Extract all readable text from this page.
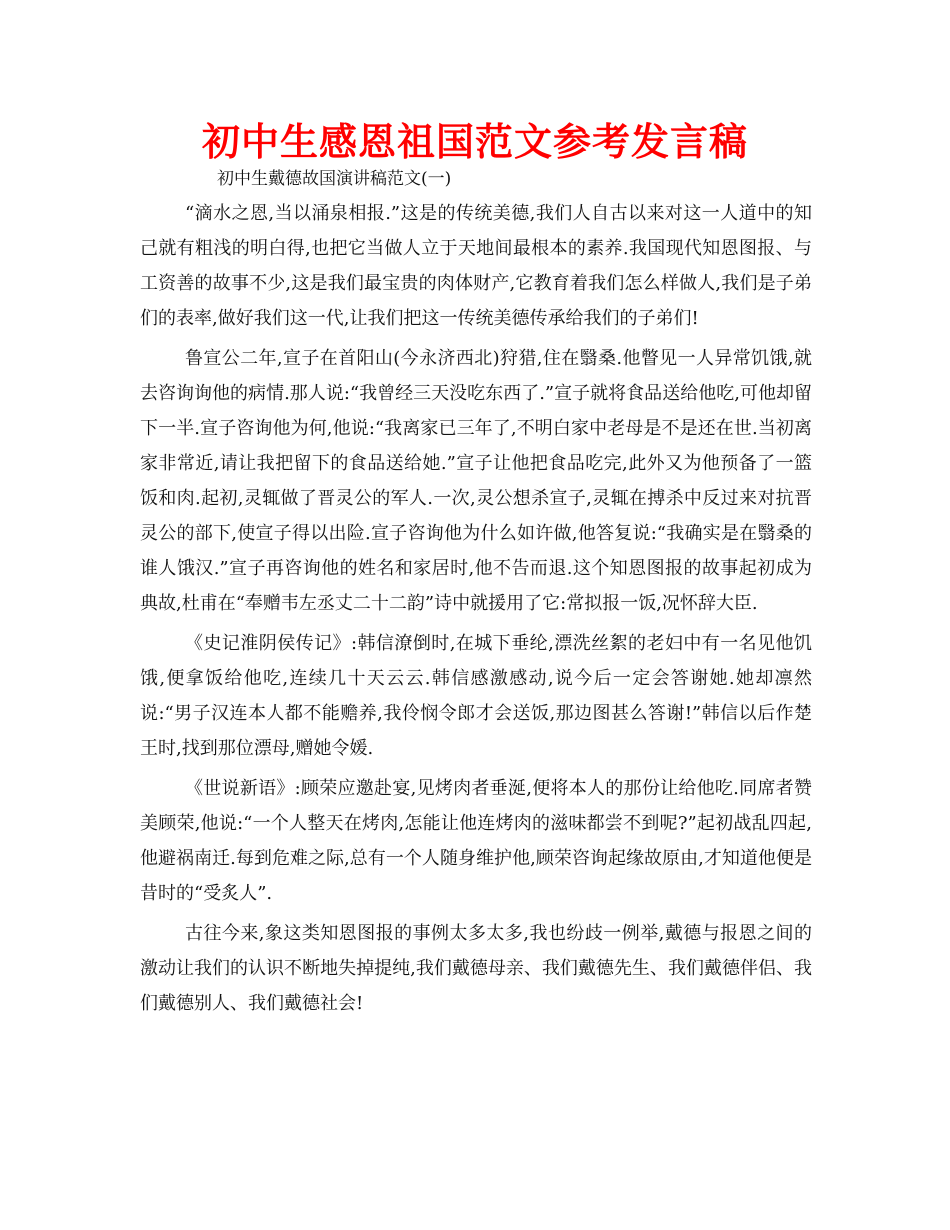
初中生感恩祖国范文参考发言稿
初中生戴德故国演讲稿范文(一)

“滴水之恩,当以涌泉相报.”这是的传统美德,我们人自古以来对这一人道中的知己就有粗浅的明白得,也把它当做人立于天地间最根本的素养.我国现代知恩图报、与工资善的故事不少,这是我们最宝贵的肉体财产,它教育着我们怎么样做人,我们是子弟们的表率,做好我们这一代,让我们把这一传统美德传承给我们的子弟们!

鲁宣公二年,宣子在首阳山(今永济西北)狩猎,住在翳桑.他瞥见一人异常饥饿,就去咨询询他的病情.那人说:“我曾经三天没吃东西了.”宣子就将食品送给他吃,可他却留下一半.宣子咨询他为何,他说:“我离家已三年了,不明白家中老母是不是还在世.当初离家非常近,请让我把留下的食品送给她.”宣子让他把食品吃完,此外又为他预备了一篮饭和肉.起初,灵辄做了晋灵公的军人.一次,灵公想杀宣子,灵辄在搏杀中反过来对抗晋灵公的部下,使宣子得以出险.宣子咨询他为什么如许做,他答复说:“我确实是在翳桑的谁人饿汉.”宣子再咨询他的姓名和家居时,他不告而退.这个知恩图报的故事起初成为典故,杜甫在“奉赠韦左丞丈二十二韵”诗中就援用了它:常拟报一饭,况怀辞大臣.

《史记淮阴侯传记》:韩信潦倒时,在城下垂纶,漂洗丝絮的老妇中有一名见他饥饿,便拿饭给他吃,连续几十天云云.韩信感激感动,说今后一定会答谢她.她却凛然说:“男子汉连本人都不能赡养,我伶悯令郎才会送饭,那边图甚么答谢!”韩信以后作楚王时,找到那位漂母,赠她令媛.

《世说新语》:顾荣应邀赴宴,见烤肉者垂涎,便将本人的那份让给他吃.同席者赞美顾荣,他说:“一个人整天在烤肉,怎能让他连烤肉的滋味都尝不到呢?”起初战乱四起,他避祸南迁.每到危难之际,总有一个人随身维护他,顾荣咨询起缘故原由,才知道他便是昔时的“受炙人”.

古往今来,象这类知恩图报的事例太多太多,我也纷歧一例举,戴德与报恩之间的激动让我们的认识不断地失掉提纯,我们戴德母亲、我们戴德先生、我们戴德伴侣、我们戴德别人、我们戴德社会!
